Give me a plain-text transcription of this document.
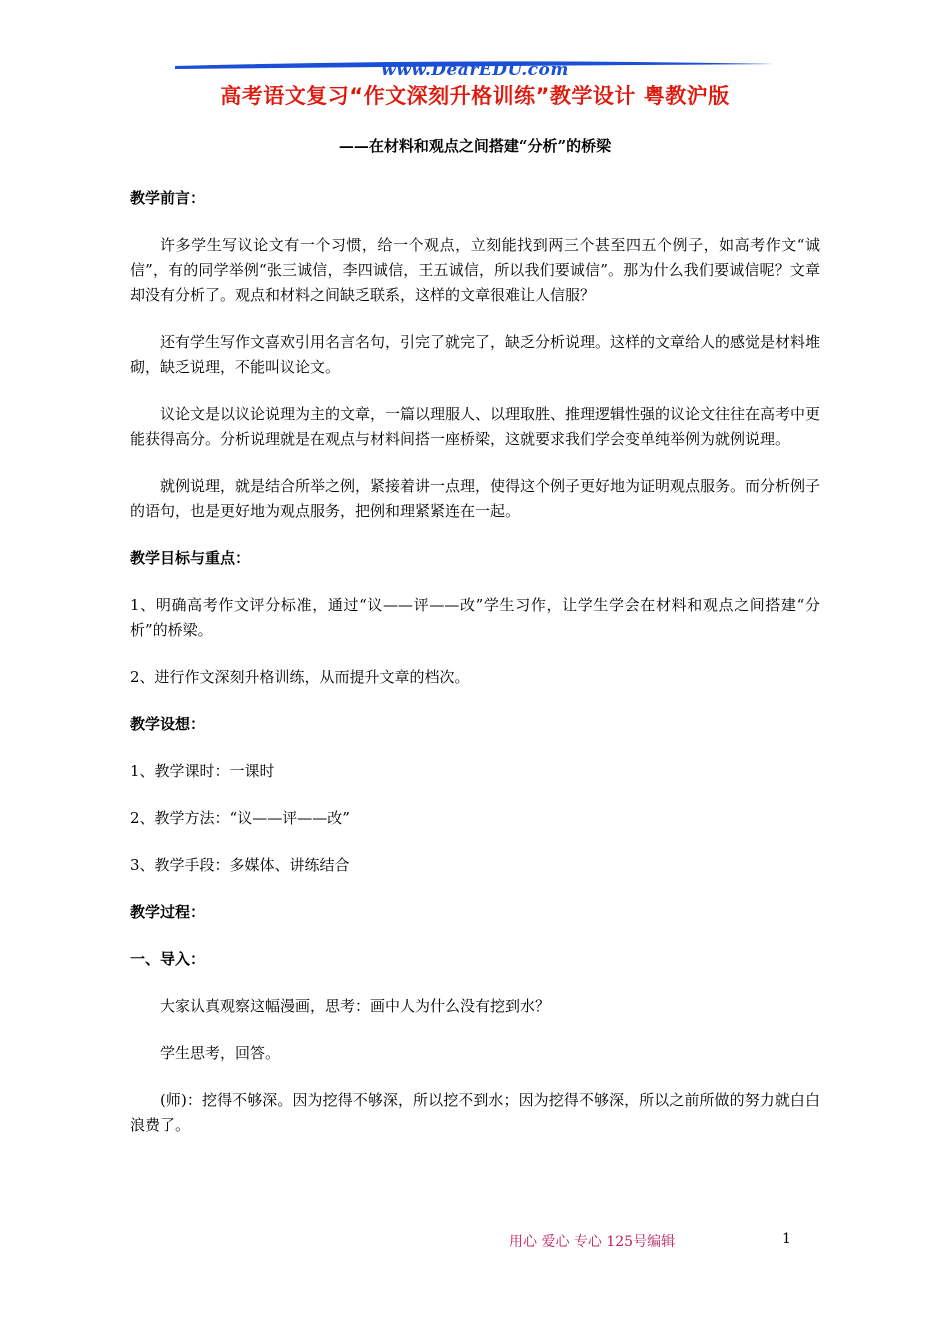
www.DearEDU.com
高考语文复习“作文深刻升格训练”教学设计 粤教沪版
——在材料和观点之间搭建“分析”的桥梁
教学前言：
许多学生写议论文有一个习惯，给一个观点，立刻能找到两三个甚至四五个例子，如高考作文“诚信”，有的同学举例“张三诚信，李四诚信，王五诚信，所以我们要诚信”。那为什么我们要诚信呢？文章却没有分析了。观点和材料之间缺乏联系，这样的文章很难让人信服？
还有学生写作文喜欢引用名言名句，引完了就完了，缺乏分析说理。这样的文章给人的感觉是材料堆砌，缺乏说理，不能叫议论文。
议论文是以议论说理为主的文章，一篇以理服人、以理取胜、推理逻辑性强的议论文往往在高考中更能获得高分。分析说理就是在观点与材料间搭一座桥梁，这就要求我们学会变单纯举例为就例说理。
就例说理，就是结合所举之例，紧接着讲一点理，使得这个例子更好地为证明观点服务。而分析例子的语句，也是更好地为观点服务，把例和理紧紧连在一起。
教学目标与重点：
1、明确高考作文评分标准，通过“议——评——改”学生习作，让学生学会在材料和观点之间搭建“分析”的桥梁。
2、进行作文深刻升格训练，从而提升文章的档次。
教学设想：
1、教学课时：一课时
2、教学方法：“议——评——改”
3、教学手段：多媒体、讲练结合
教学过程：
一、导入：
大家认真观察这幅漫画，思考：画中人为什么没有挖到水？
学生思考，回答。
(师)：挖得不够深。因为挖得不够深，所以挖不到水；因为挖得不够深，所以之前所做的努力就白白浪费了。
用心 爱心 专心 125号编辑	1
